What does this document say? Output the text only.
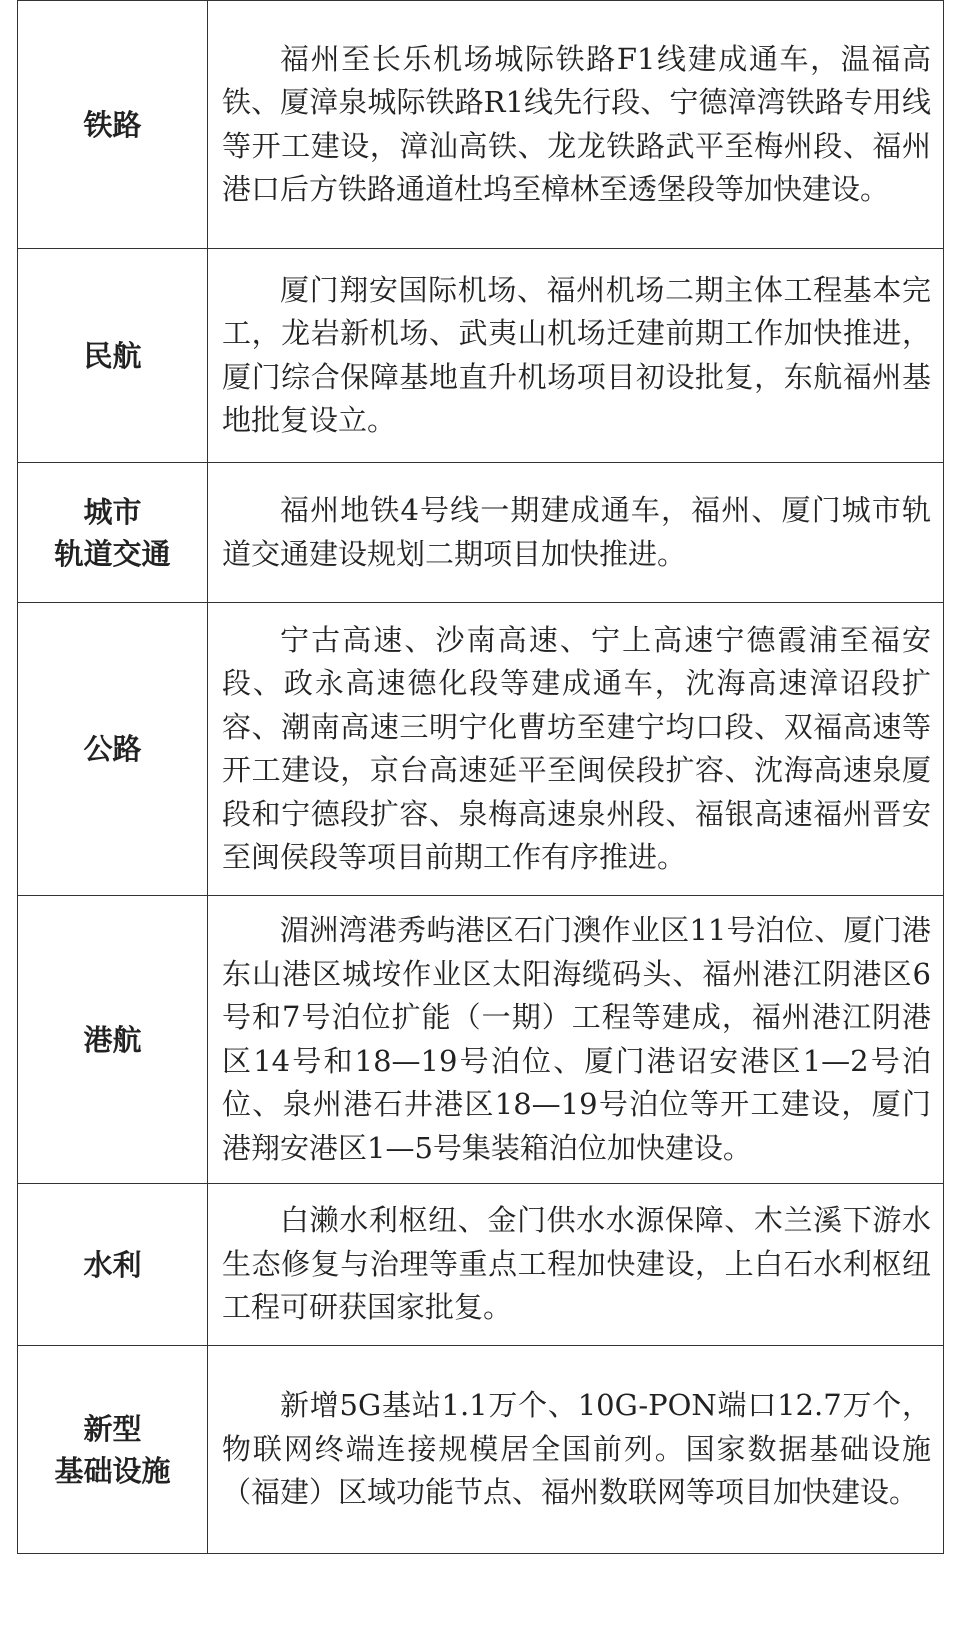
铁路	福州至长乐机场城际铁路F1线建成通车，温福高铁、厦漳泉城际铁路R1线先行段、宁德漳湾铁路专用线等开工建设，漳汕高铁、龙龙铁路武平至梅州段、福州港口后方铁路通道杜坞至樟林至透堡段等加快建设。

民航	厦门翔安国际机场、福州机场二期主体工程基本完工，龙岩新机场、武夷山机场迁建前期工作加快推进，厦门综合保障基地直升机场项目初设批复，东航福州基地批复设立。

城市
轨道交通	福州地铁4号线一期建成通车，福州、厦门城市轨道交通建设规划二期项目加快推进。

公路	宁古高速、沙南高速、宁上高速宁德霞浦至福安段、政永高速德化段等建成通车，沈海高速漳诏段扩容、潮南高速三明宁化曹坊至建宁均口段、双福高速等开工建设，京台高速延平至闽侯段扩容、沈海高速泉厦段和宁德段扩容、泉梅高速泉州段、福银高速福州晋安至闽侯段等项目前期工作有序推进。

港航	湄洲湾港秀屿港区石门澳作业区11号泊位、厦门港东山港区城垵作业区太阳海缆码头、福州港江阴港区6号和7号泊位扩能（一期）工程等建成，福州港江阴港区14号和18—19号泊位、厦门港诏安港区1—2号泊位、泉州港石井港区18—19号泊位等开工建设，厦门港翔安港区1—5号集装箱泊位加快建设。

水利	白濑水利枢纽、金门供水水源保障、木兰溪下游水生态修复与治理等重点工程加快建设，上白石水利枢纽工程可研获国家批复。

新型
基础设施	新增5G基站1.1万个、10G-PON端口12.7万个，物联网终端连接规模居全国前列。国家数据基础设施（福建）区域功能节点、福州数联网等项目加快建设。
